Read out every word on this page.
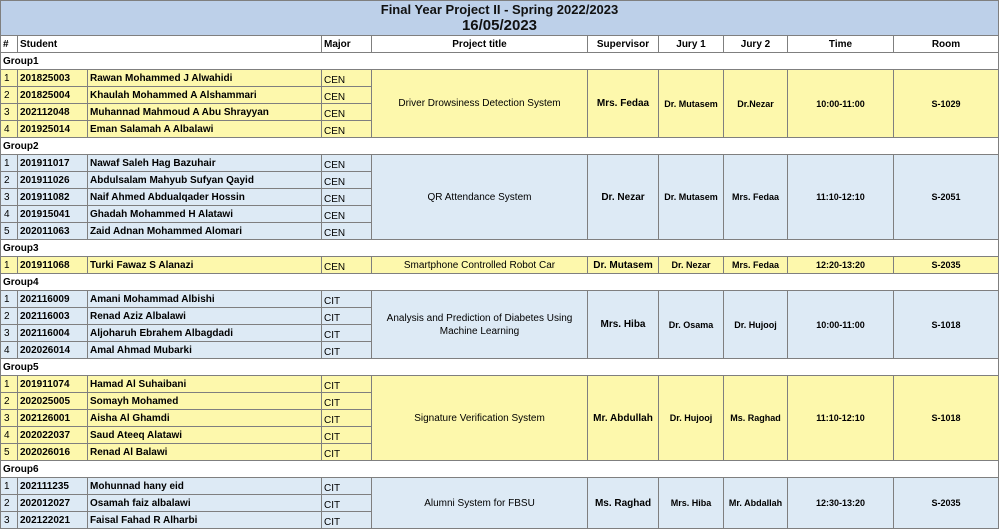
Final Year Project II - Spring 2022/2023
16/05/2023
#	Student		Major	Project title	Supervisor	Jury 1	Jury 2	Time	Room
Group1									
1	201825003	Rawan Mohammed J Alwahidi	CEN	Driver Drowsiness Detection System	Mrs. Fedaa	Dr. Mutasem	Dr.Nezar	10:00-11:00	S-1029
2	201825004	Khaulah Mohammed A Alshammari	CEN						
3	202112048	Muhannad Mahmoud A Abu Shrayyan	CEN						
4	201925014	Eman Salamah A Albalawi	CEN						
Group2									
1	201911017	Nawaf Saleh Hag Bazuhair	CEN	QR Attendance System	Dr. Nezar	Dr. Mutasem	Mrs. Fedaa	11:10-12:10	S-2051
2	201911026	Abdulsalam Mahyub Sufyan Qayid	CEN						
3	201911082	Naif Ahmed Abdualqader Hossin	CEN						
4	201915041	Ghadah Mohammed H Alatawi	CEN						
5	202011063	Zaid Adnan Mohammed Alomari	CEN						
Group3									
1	201911068	Turki Fawaz S Alanazi	CEN	Smartphone Controlled Robot Car	Dr. Mutasem	Dr. Nezar	Mrs. Fedaa	12:20-13:20	S-2035
Group4									
1	202116009	Amani Mohammad Albishi	CIT	Analysis and Prediction of Diabetes Using Machine Learning	Mrs. Hiba	Dr. Osama	Dr. Hujooj	10:00-11:00	S-1018
2	202116003	Renad Aziz Albalawi	CIT						
3	202116004	Aljoharuh Ebrahem Albagdadi	CIT						
4	202026014	Amal Ahmad Mubarki	CIT						
Group5									
1	201911074	Hamad Al Suhaibani	CIT	Signature Verification System	Mr. Abdullah	Dr. Hujooj	Ms. Raghad	11:10-12:10	S-1018
2	202025005	Somayh Mohamed	CIT						
3	202126001	Aisha Al Ghamdi	CIT						
4	202022037	Saud Ateeq Alatawi	CIT						
5	202026016	Renad Al Balawi	CIT						
Group6									
1	202111235	Mohunnad hany eid	CIT	Alumni System for FBSU	Ms. Raghad	Mrs. Hiba	Mr. Abdallah	12:30-13:20	S-2035
2	202012027	Osamah faiz albalawi	CIT						
3	202122021	Faisal Fahad R Alharbi	CIT						
